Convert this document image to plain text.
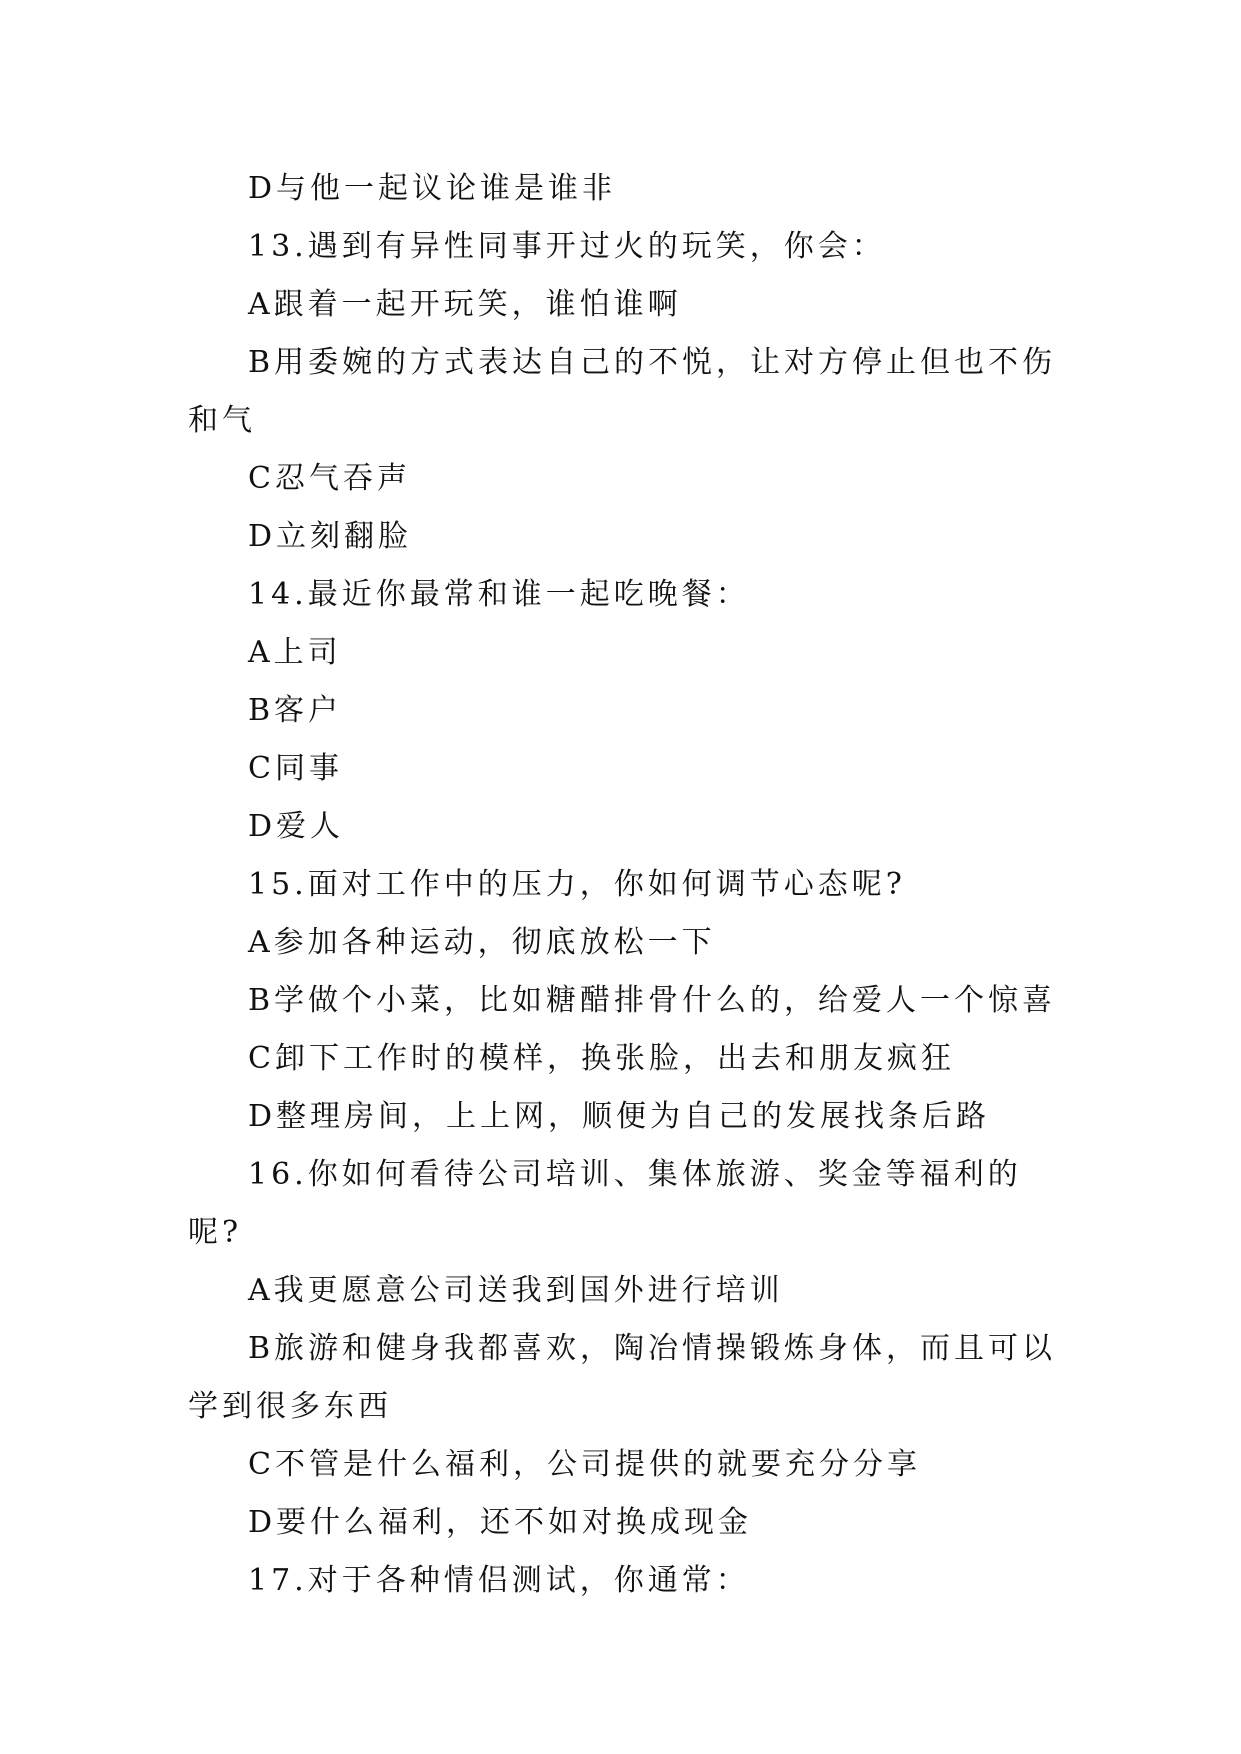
D与他一起议论谁是谁非

13.遇到有异性同事开过火的玩笑，你会：

A跟着一起开玩笑，谁怕谁啊

B用委婉的方式表达自己的不悦，让对方停止但也不伤和气

C忍气吞声

D立刻翻脸

14.最近你最常和谁一起吃晚餐：

A上司

B客户

C同事

D爱人

15.面对工作中的压力，你如何调节心态呢?

A参加各种运动，彻底放松一下

B学做个小菜，比如糖醋排骨什么的，给爱人一个惊喜

C卸下工作时的模样，换张脸，出去和朋友疯狂

D整理房间，上上网，顺便为自己的发展找条后路

16.你如何看待公司培训、集体旅游、奖金等福利的呢?

A我更愿意公司送我到国外进行培训

B旅游和健身我都喜欢，陶冶情操锻炼身体，而且可以学到很多东西

C不管是什么福利，公司提供的就要充分分享

D要什么福利，还不如对换成现金

17.对于各种情侣测试，你通常：
